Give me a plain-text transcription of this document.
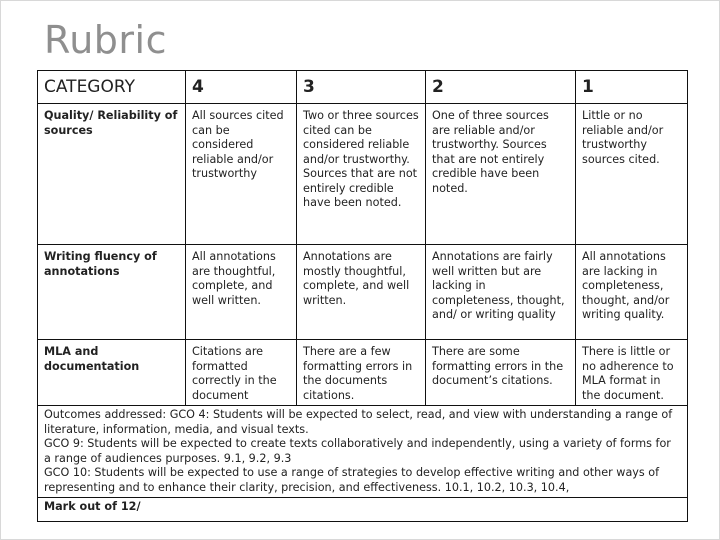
Rubric
CATEGORY	4	3	2	1
Quality/ Reliability of sources	All sources cited can be considered reliable and/or trustworthy	Two or three sources cited can be considered reliable and/or trustworthy. Sources that are not entirely credible have been noted.	One of three sources are reliable and/or trustworthy. Sources that are not entirely credible have been noted.	Little or no reliable and/or trustworthy sources cited.
Writing fluency of annotations	All annotations are thoughtful, complete, and well written.	Annotations are mostly thoughtful, complete, and well written.	Annotations are fairly well written but are lacking in completeness, thought, and/ or writing quality	All annotations are lacking in completeness, thought, and/or writing quality.
MLA and documentation	Citations are formatted correctly in the document	There are a few formatting errors in the documents citations.	There are some formatting errors in the document’s citations.	There is little or no adherence to MLA format in the document.

Outcomes addressed: GCO 4: Students will be expected to select, read, and view with understanding a range of literature, information, media, and visual texts.

GCO 9: Students will be expected to create texts collaboratively and independently, using a variety of forms for a range of audiences purposes. 9.1, 9.2, 9.3

GCO 10: Students will be expected to use a range of strategies to develop effective writing and other ways of representing and to enhance their clarity, precision, and effectiveness. 10.1, 10.2, 10.3, 10.4,				

Mark out of 12/				
